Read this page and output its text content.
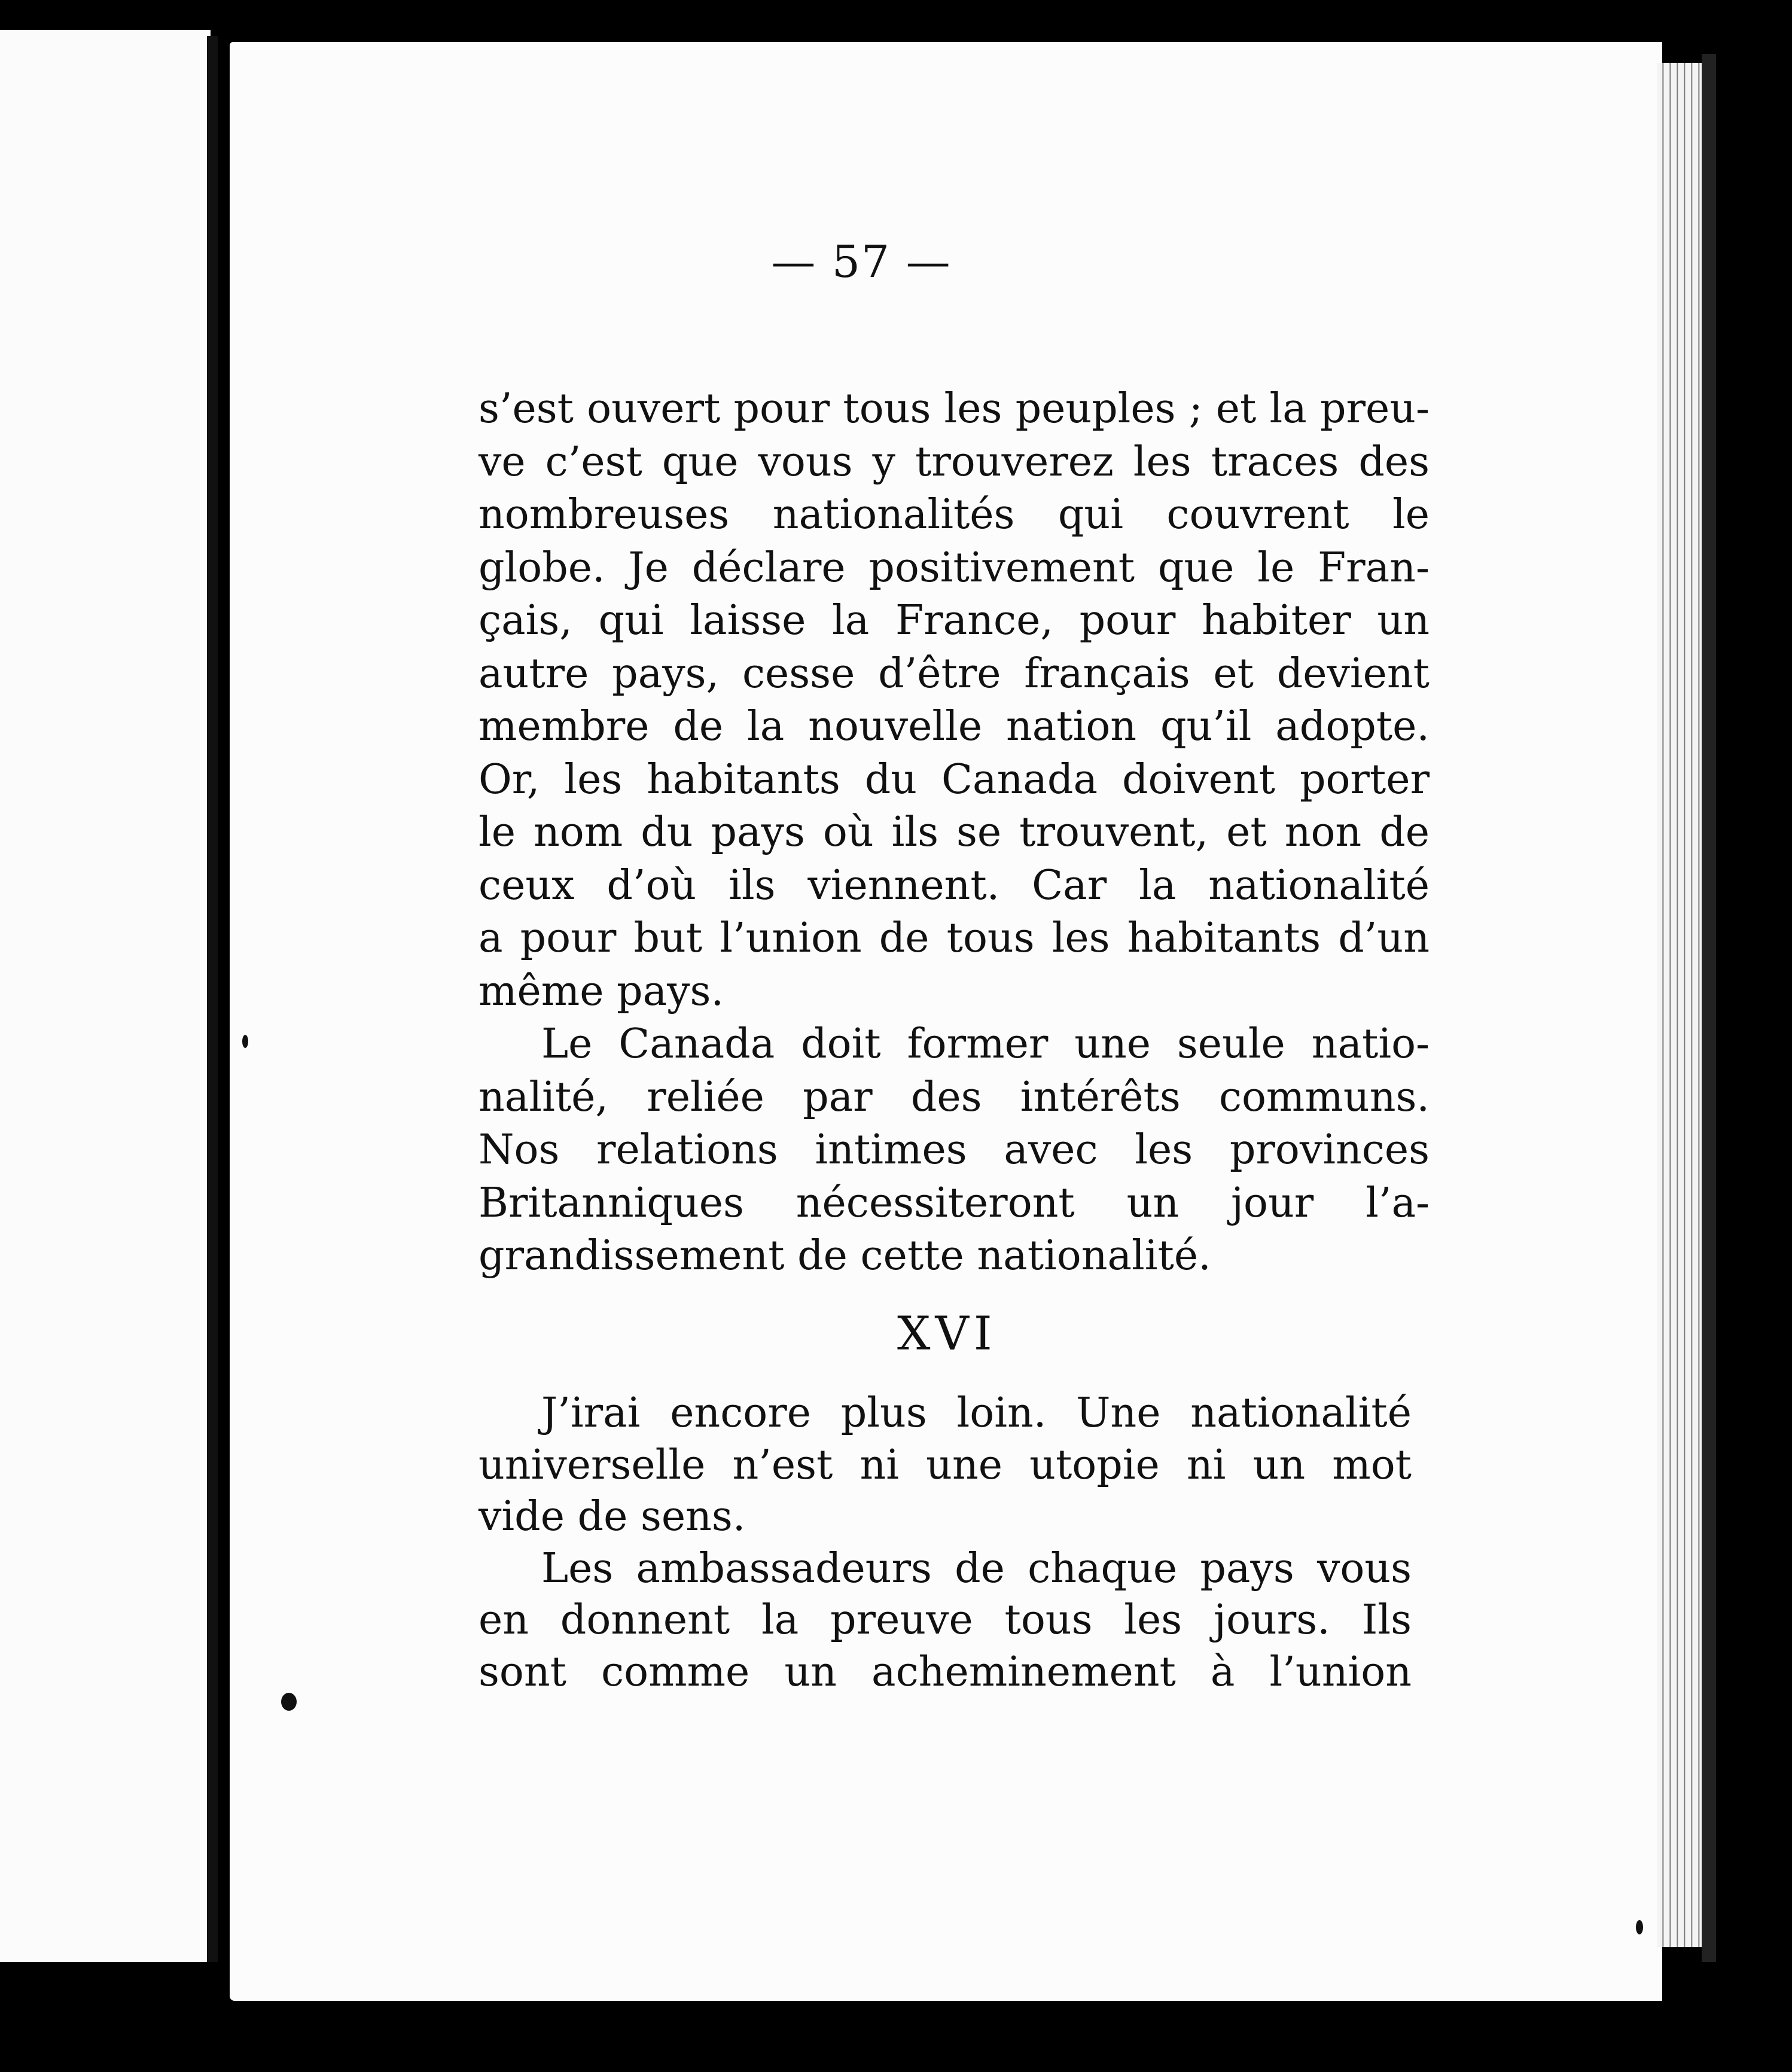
— 57 —
s’est ouvert pour tous les peuples ; et la preu-
ve c’est que vous y trouverez les traces des
nombreuses nationalités qui couvrent le
globe. Je déclare positivement que le Fran-
çais, qui laisse la France, pour habiter un
autre pays, cesse d’être français et devient
membre de la nouvelle nation qu’il adopte.
Or, les habitants du Canada doivent porter
le nom du pays où ils se trouvent, et non de
ceux d’où ils viennent. Car la nationalité
a pour but l’union de tous les habitants d’un
même pays.
Le Canada doit former une seule natio-
nalité, reliée par des intérêts communs.
Nos relations intimes avec les provinces
Britanniques nécessiteront un jour l’a-
grandissement de cette nationalité.
XVI
J’irai encore plus loin. Une nationalité
universelle n’est ni une utopie ni un mot
vide de sens.
Les ambassadeurs de chaque pays vous
en donnent la preuve tous les jours. Ils
sont comme un acheminement à l’union
